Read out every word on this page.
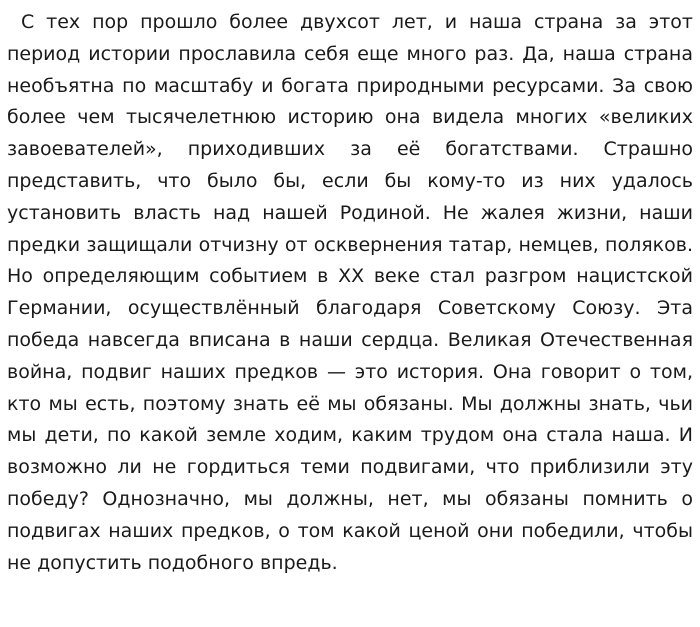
С тех пор прошло более двухсот лет, и наша страна за этот период истории прославила себя еще много раз. Да, наша страна необъятна по масштабу и богата природными ресурсами. За свою более чем тысячелетнюю историю она видела многих «великих завоевателей», приходивших за её богатствами. Страшно представить, что было бы, если бы кому-то из них удалось установить власть над нашей Родиной. Не жалея жизни, наши предки защищали отчизну от осквернения татар, немцев, поляков. Но определяющим событием в XX веке стал разгром нацистской Германии, осуществлённый благодаря Советскому Союзу. Эта победа навсегда вписана в наши сердца. Великая Отечественная война, подвиг наших предков — это история. Она говорит о том, кто мы есть, поэтому знать её мы обязаны. Мы должны знать, чьи мы дети, по какой земле ходим, каким трудом она стала наша. И возможно ли не гордиться теми подвигами, что приблизили эту победу? Однозначно, мы должны, нет, мы обязаны помнить о подвигах наших предков, о том какой ценой они победили, чтобы не допустить подобного впредь.
